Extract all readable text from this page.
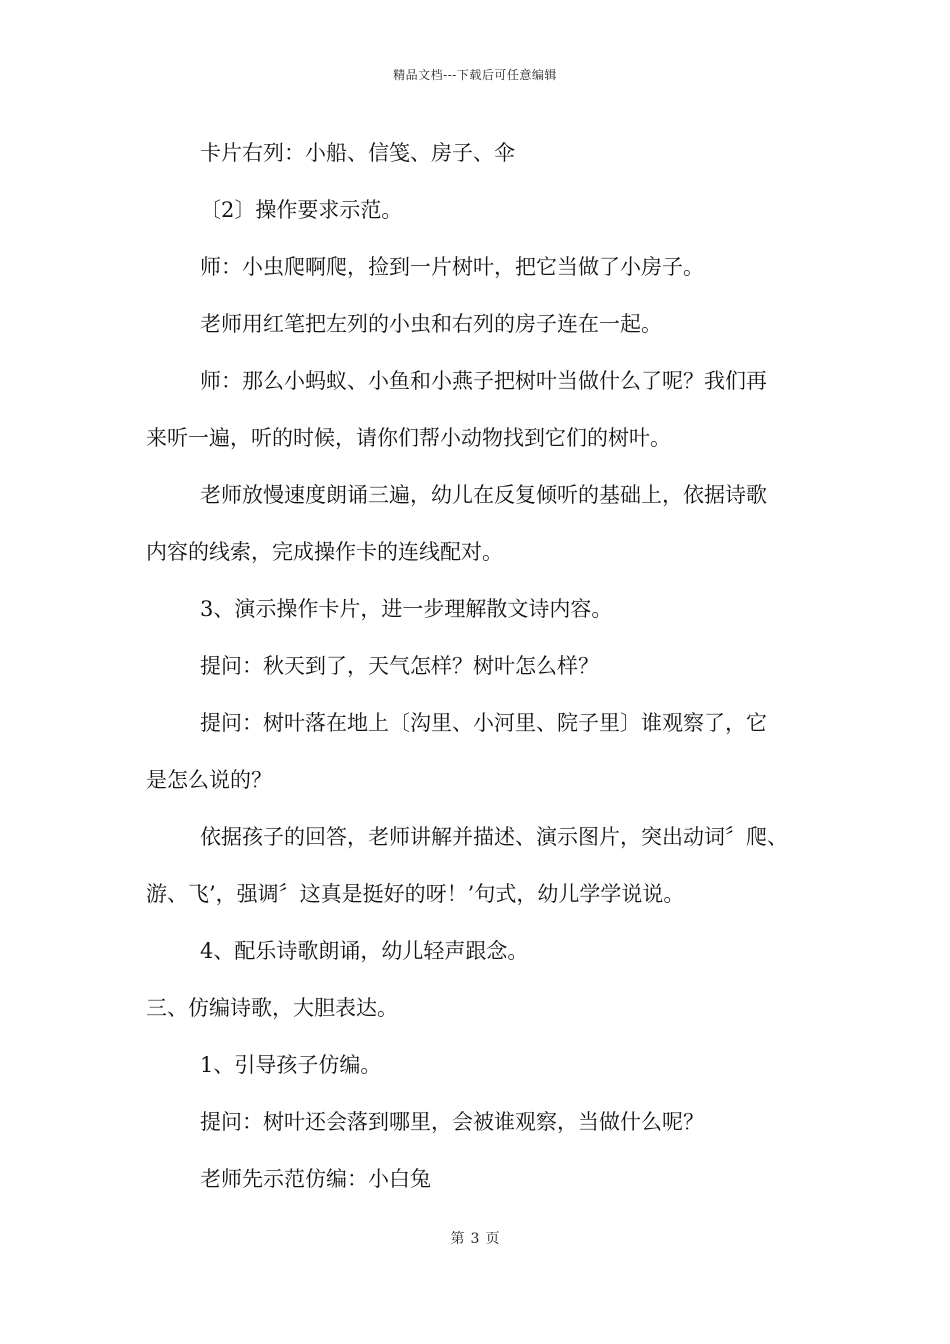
精品文档---下载后可任意编辑
卡片右列：小船、信笺、房子、伞
〔2〕操作要求示范。
师：小虫爬啊爬，捡到一片树叶，把它当做了小房子。
老师用红笔把左列的小虫和右列的房子连在一起。
师：那么小蚂蚁、小鱼和小燕子把树叶当做什么了呢？我们再
来听一遍，听的时候，请你们帮小动物找到它们的树叶。
老师放慢速度朗诵三遍，幼儿在反复倾听的基础上，依据诗歌
内容的线索，完成操作卡的连线配对。
3、演示操作卡片，进一步理解散文诗内容。
提问：秋天到了，天气怎样？树叶怎么样？
提问：树叶落在地上〔沟里、小河里、院子里〕谁观察了，它
是怎么说的？
依据孩子的回答，老师讲解并描述、演示图片，突出动词〞爬、
游、飞’，强调〞这真是挺好的呀！’句式，幼儿学学说说。
4、配乐诗歌朗诵，幼儿轻声跟念。
三、仿编诗歌，大胆表达。
1、引导孩子仿编。
提问：树叶还会落到哪里，会被谁观察，当做什么呢？
老师先示范仿编：小白兔
第 3 页
